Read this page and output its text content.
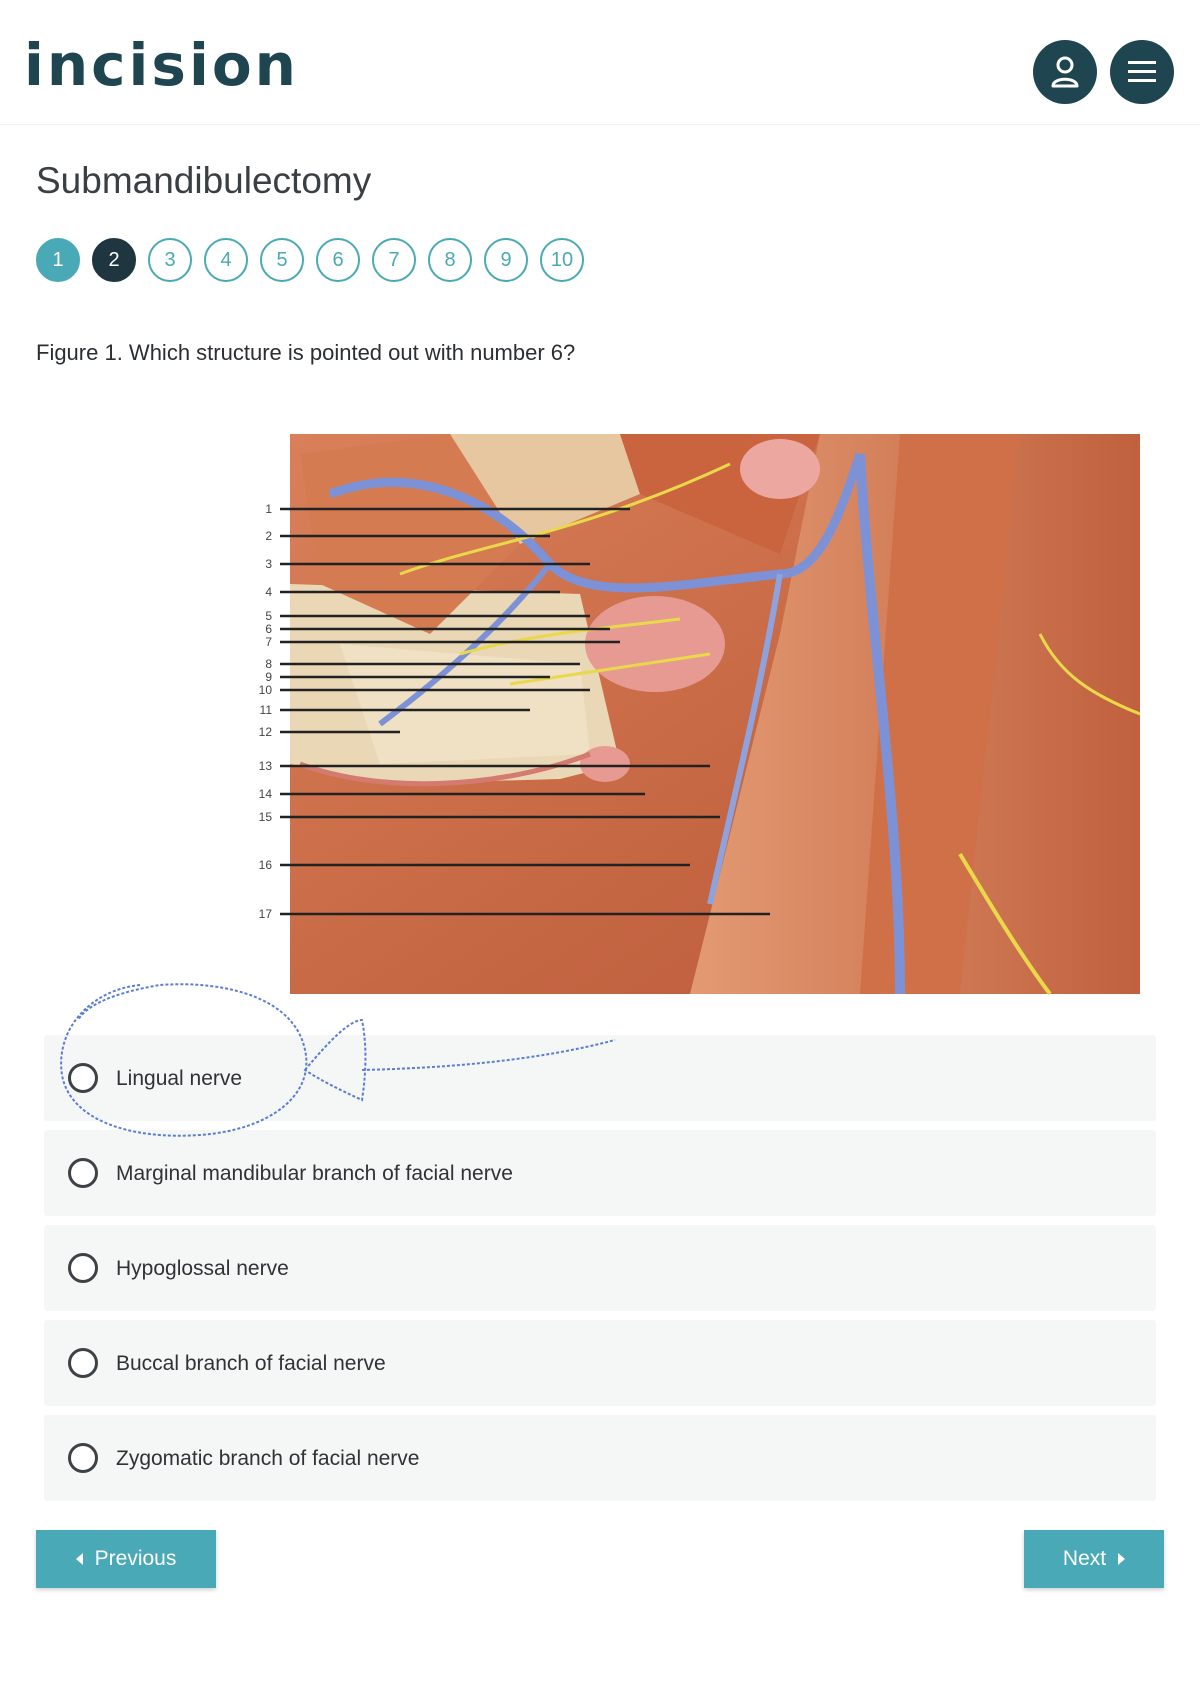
incision
Submandibulectomy
1	2	3	4	5	6	7	8	9	10
Figure 1. Which structure is pointed out with number 6?
1
2
3
4
5
6
7
8
9
10
11
12
13
14
15
16
17
Lingual nerve
Marginal mandibular branch of facial nerve
Hypoglossal nerve
Buccal branch of facial nerve
Zygomatic branch of facial nerve
Previous	Next
